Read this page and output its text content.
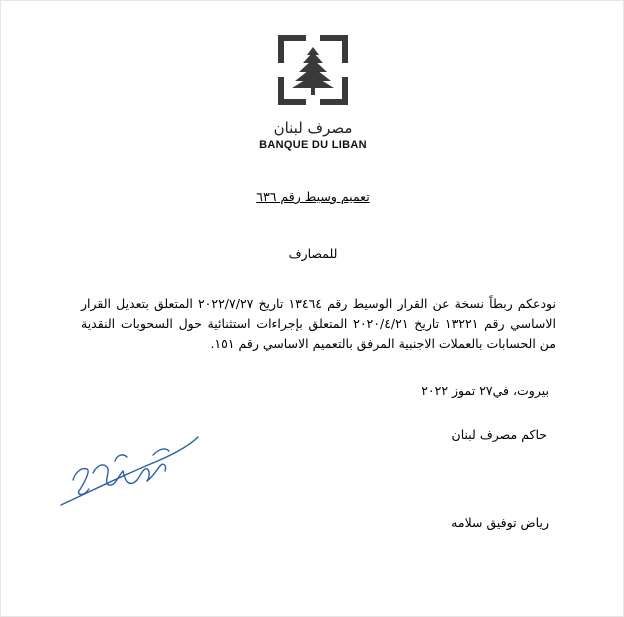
مصرف لبنان
BANQUE DU LIBAN
تعميم وسيط رقم ٦٣٦
للمصارف
نودعكم ربطاً نسخة عن القرار الوسيط رقم ١٣٤٦٤ تاريخ ٢٠٢٢/٧/٢٧ المتعلق بتعديل القرار الاساسي رقم ١٣٢٢١ تاريخ ٢٠٢٠/٤/٢١ المتعلق بإجراءات استثنائية حول السحوبات النقدية من الحسابات بالعملات الاجنبية المرفق بالتعميم الاساسي رقم ١٥١.
بيروت، في٢٧ تموز ٢٠٢٢
حاكم مصرف لبنان
رياض توفيق سلامه
